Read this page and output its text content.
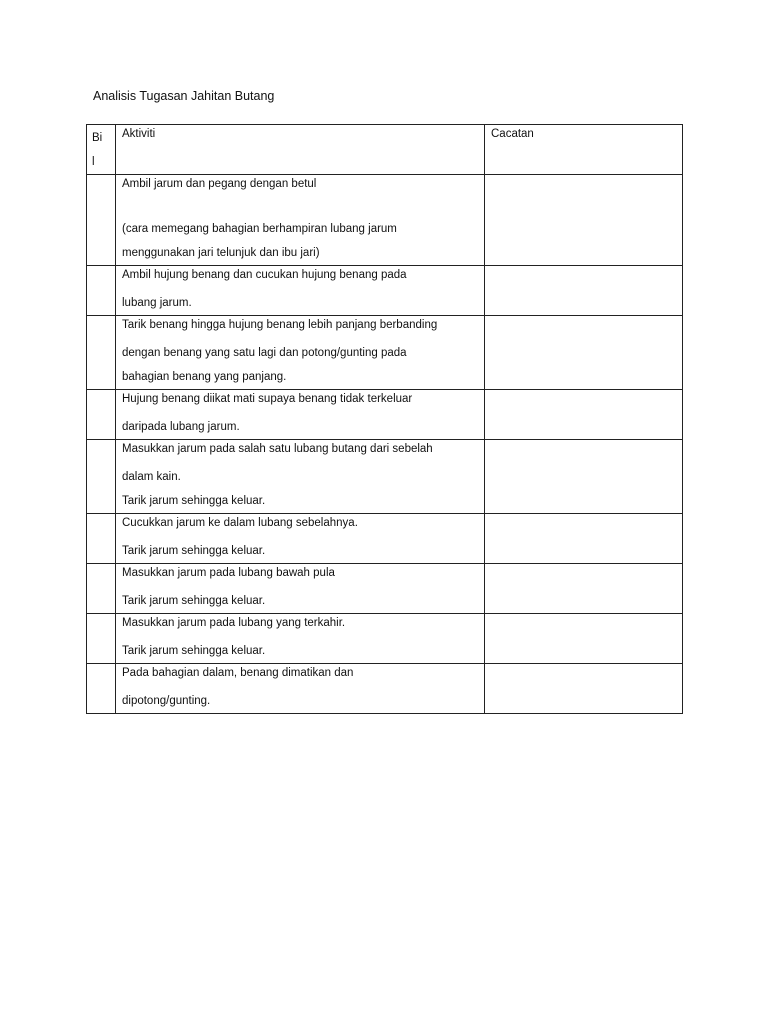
Analisis Tugasan Jahitan Butang
Bil	Aktiviti	Cacatan

	Ambil jarum dan pegang dengan betul
(cara memegang bahagian berhampiran lubang jarum
menggunakan jari telunjuk dan ibu jari)	

	Ambil hujung benang dan cucukan hujung benang pada
lubang jarum.	

	Tarik benang hingga hujung benang lebih panjang berbanding
dengan benang yang satu lagi dan potong/gunting pada
bahagian benang yang panjang.	

	Hujung benang diikat mati supaya benang tidak terkeluar
daripada lubang jarum.	

	Masukkan jarum pada salah satu lubang butang dari sebelah
dalam kain.
Tarik jarum sehingga keluar.	

	Cucukkan jarum ke dalam lubang sebelahnya.
Tarik jarum sehingga keluar.	

	Masukkan jarum pada lubang bawah pula
Tarik jarum sehingga keluar.	

	Masukkan jarum pada lubang yang terkahir.
Tarik jarum sehingga keluar.	

	Pada bahagian dalam, benang dimatikan dan
dipotong/gunting.	
